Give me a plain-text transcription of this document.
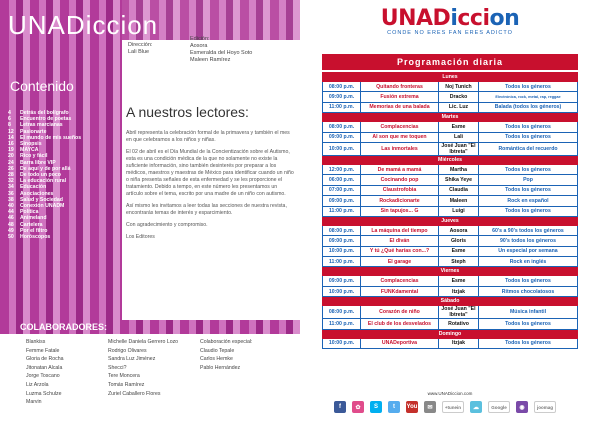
UNADiccion
Dirección:
Lali Blue
Edición:
Aosora
Esmeralda del Hoyo Soto
Maleen Ramírez
Contenido
4 Detrás del bolígrafo
6 Encuentro de poetas
8 Letras marcianas
12 Pasionarte
14 El mundo de mis sueños
16 Sinopsis
19 MAYCA
20 Rico y fácil
24 Barra libre VIP
26 De aquí y de por allá
28 De todo un poco
32 La educación rural
34 Educación
36 Asociaciones
38 Salud y Sociedad
40 Conexión UNADM
44 Política
46 Animeland
48 Cartelera
49 Por el filtro
50 Horóscopos
A nuestros lectores:

Abril representa la celebración formal de la primavera y también el mes en que celebramos a los niños y niñas.

El 02 de abril es el Día Mundial de la Concientización sobre el Autismo, esta es una condición médica de la que no solamente no existe la suficiente información, sino también desinterés por preparar a los médicos, maestros y maestras de México para identificar cuando un niño o niña presenta señales de esta enfermedad y se les proporcione el tratamiento. Debido a tempo, en este número les presentamos un artículo sobre el tema, escrito por una madre de un niño con autismo.

Así mismo les invitamos a leer todas las secciones de nuestra revista, encontrarás temas de interés y esparcimiento.

Con agradecimiento y compromiso.

Los Editores

COLABORADORES:
Blankiss
Femme Fatale
Gloria de Rocha
Jitonatan Alcala
Jorge Toscano
Liz Arzola
Luzma Schulze
Marvin
Michelle Daniela Gerrero Lozo
Rodrigo Olivares
Sandra Luz Jiménez
Shecci?
Tere Moncera
Tomás Ramírez
Zuriel Caballero Flores
Colaboración especial:
Claudio Tepale
Carlos Hemke
Pablo Hernández
UNADiccion
CONDE NO ERES FAN ERES ADICTO
Programación diaria
Lunes			
08:00 p.m.	Quitando fronteras	Noj Tunich	Todos los géneros
09:00 p.m.	Fusión extrema	Dracko	Electrónica, rock, metal, rap, reggae
11:00 p.m.	Memorias de una balada	Lic. Luz	Balada (todos los géneros)
Martes			
08:00 p.m.	Complacencias	Esme	Todos los géneros
09:00 p.m.	Al son que me toquen	Lali	Todos los géneros
10:00 p.m.	Las inmortales	José Juan "El Ibtreta"	Romántica del recuerdo
Miércoles			
12:00 p.m.	De mamá a mamá	Martha	Todos los géneros
06:00 p.m.	Cocinando pop	Shika Yeye	Pop
07:00 p.m.	Claustrofobia	Claudia	Todos los géneros
09:00 p.m.	Rockadicionarte	Maleen	Rock en español
11:00 p.m.	Sin tapujos... G	Luigi	Todos los géneros
Jueves			
08:00 p.m.	La máquina del tiempo	Aosora	60's a 90's todos los géneros
09:00 p.m.	El diván	Gloris	90's todos los géneros
10:00 p.m.	Y tú ¿Qué harías con...?	Esme	Un especial por semana
11:00 p.m.	El garage	Steph	Rock en inglés
Viernes			
09:00 p.m.	Complacencias	Esme	Todos los géneros
10:00 p.m.	FUNKdamental	Itzjak	Ritmos chocolatosos
Sábado			
08:00 p.m.	Corazón de niño	José Juan "El Ibtreta"	Música infantil
11:00 p.m.	El club de los desvelados	Rotativo	Todos los géneros
Domingo			
10:00 p.m.	UNADeportiva	Itzjak	Todos los géneros
www.UNADiccion.com
f	✿	S	t	You	✉	+tunein	☁	Google	◉	joomag
